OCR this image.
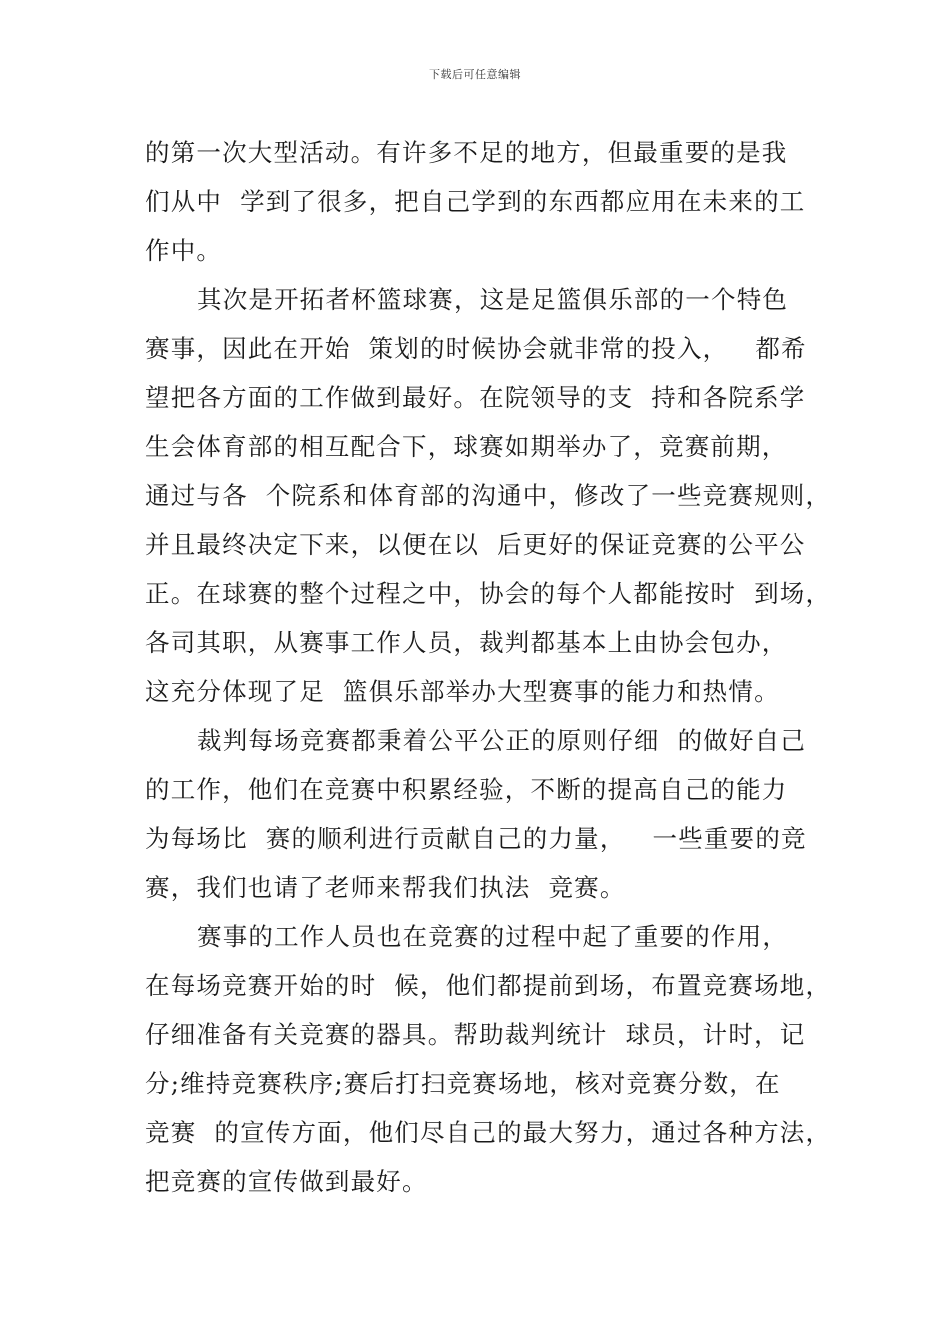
下载后可任意编辑
的第一次大型活动。有许多不足的地方，但最重要的是我
们从中  学到了很多，把自己学到的东西都应用在未来的工
作中。
其次是开拓者杯篮球赛，这是足篮俱乐部的一个特色
赛事，因此在开始  策划的时候协会就非常的投入，   都希
望把各方面的工作做到最好。在院领导的支  持和各院系学
生会体育部的相互配合下，球赛如期举办了，竞赛前期，
通过与各  个院系和体育部的沟通中，修改了一些竞赛规则，
并且最终决定下来，以便在以  后更好的保证竞赛的公平公
正。在球赛的整个过程之中，协会的每个人都能按时  到场，
各司其职，从赛事工作人员，裁判都基本上由协会包办，
这充分体现了足  篮俱乐部举办大型赛事的能力和热情。
裁判每场竞赛都秉着公平公正的原则仔细  的做好自己
的工作，他们在竞赛中积累经验，不断的提高自己的能力
为每场比  赛的顺利进行贡献自己的力量，   一些重要的竞
赛，我们也请了老师来帮我们执法  竞赛。
赛事的工作人员也在竞赛的过程中起了重要的作用，
在每场竞赛开始的时  候，他们都提前到场，布置竞赛场地，
仔细准备有关竞赛的器具。帮助裁判统计  球员，计时，记
分;维持竞赛秩序;赛后打扫竞赛场地，核对竞赛分数，在
竞赛  的宣传方面，他们尽自己的最大努力，通过各种方法，
把竞赛的宣传做到最好。
